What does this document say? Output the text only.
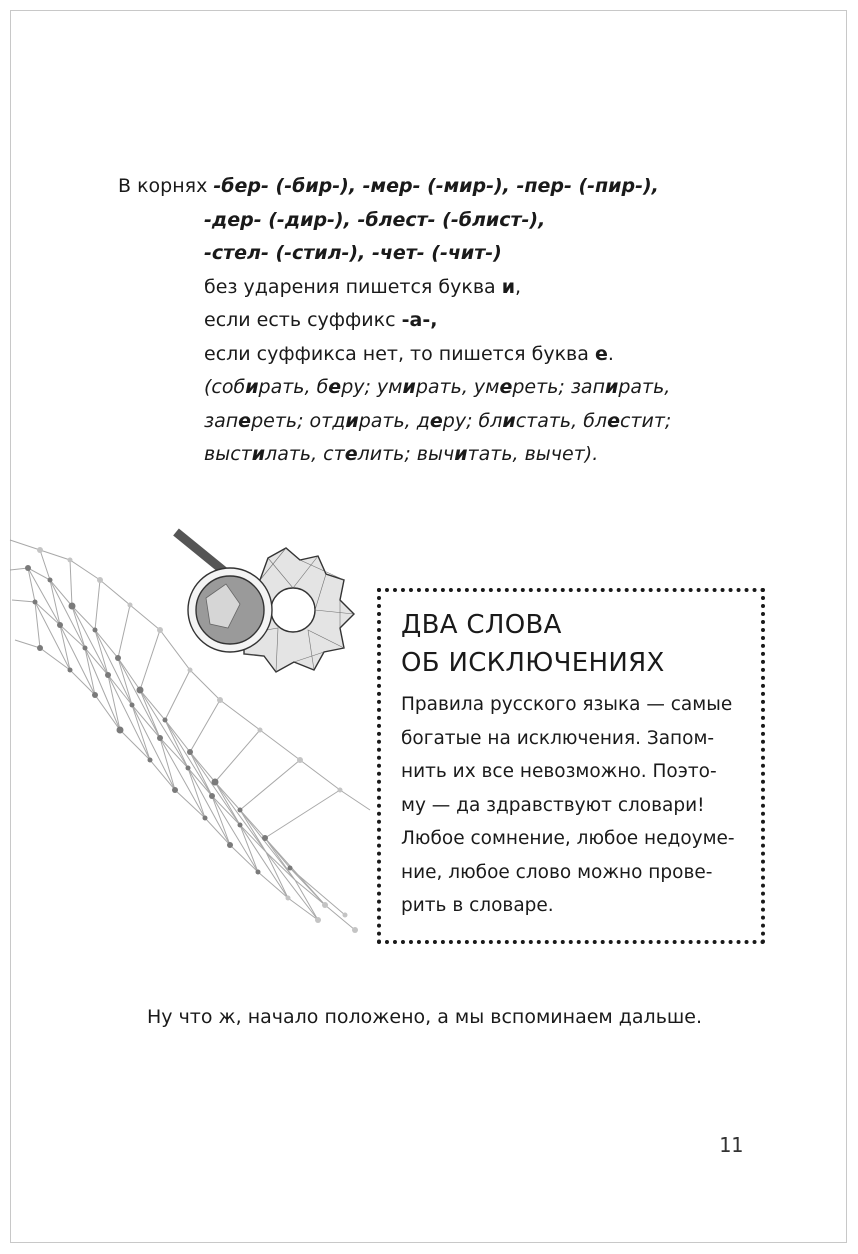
В корнях -бер- (-бир-), -мер- (-мир-), -пер- (-пир-),
-дер- (-дир-), -блест- (-блист-),
-стел- (-стил-), -чет- (-чит-)
без ударения пишется буква и,
если есть суффикс -а-,
если суффикса нет, то пишется буква е.
(собирать, беру; умирать, умереть; запирать,
запереть; отдирать, деру; блистать, блестит;
выстилать, стелить; вычитать, вычет).
ДВА СЛОВА
ОБ ИСКЛЮЧЕНИЯХ
Правила русского языка — самые
богатые на исключения. Запом-
нить их все невозможно. Поэто-
му — да здравствуют словари!
Любое сомнение, любое недоуме-
ние, любое слово можно прове-
рить в словаре.
Ну что ж, начало положено, а мы вспоминаем дальше.
11
